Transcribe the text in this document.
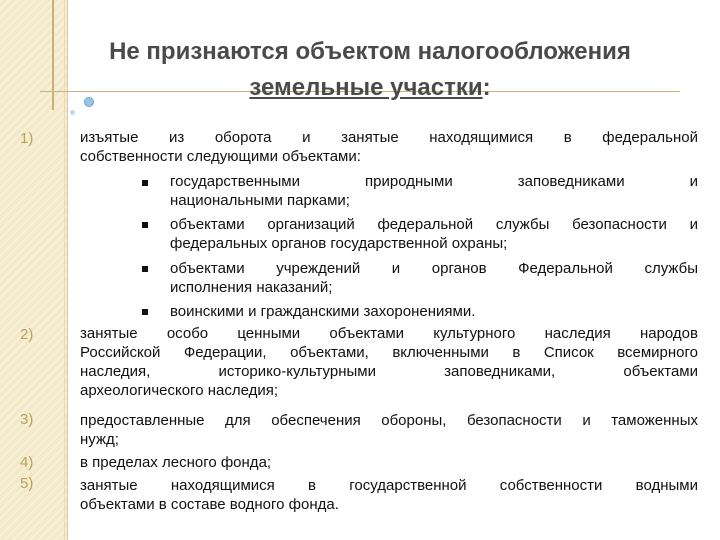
Не признаются объектом налогообложения
земельные участки:
1)	изъятые из оборота и занятые находящимися в федеральной
собственности следующими объектами:
государственными природными заповедниками и
национальными парками;
объектами организаций федеральной службы безопасности и
федеральных органов государственной охраны;
объектами учреждений и органов Федеральной службы
исполнения наказаний;
воинскими и гражданскими захоронениями.
2)	занятые особо ценными объектами культурного наследия народов
Российской Федерации, объектами, включенными в Список всемирного
наследия, историко-культурными заповедниками, объектами
археологического наследия;
3)	предоставленные для обеспечения обороны, безопасности и таможенных
нужд;
4)	в пределах лесного фонда;
5)	занятые находящимися в государственной собственности водными
объектами в составе водного фонда.
